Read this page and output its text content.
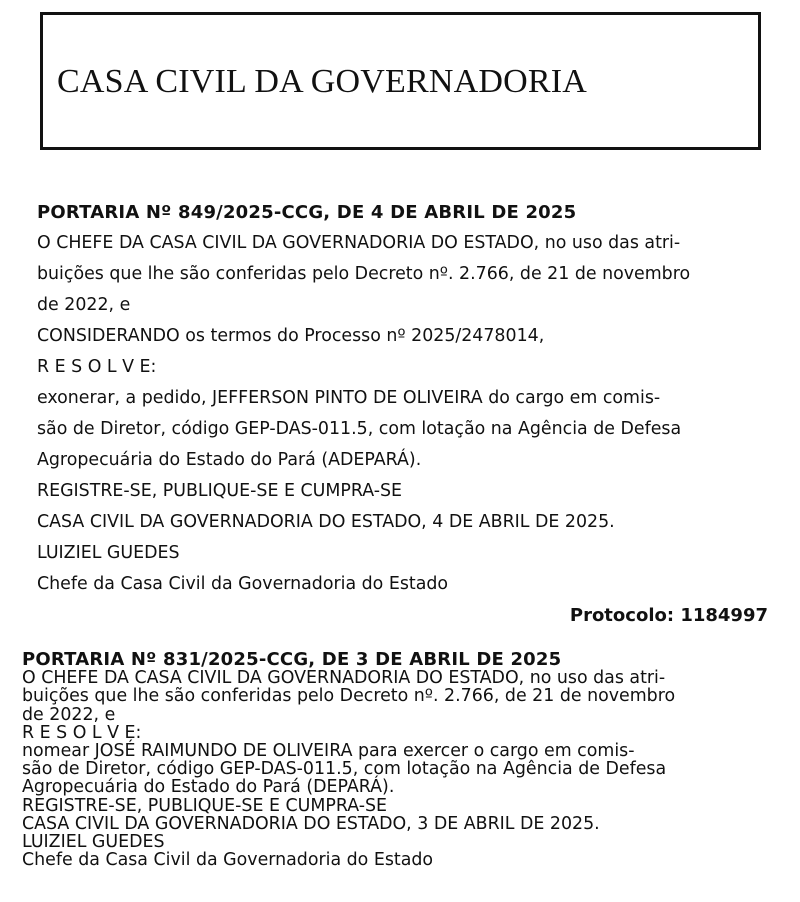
CASA CIVIL DA GOVERNADORIA
PORTARIA Nº 849/2025-CCG, DE 4 DE ABRIL DE 2025
O CHEFE DA CASA CIVIL DA GOVERNADORIA DO ESTADO, no uso das atri-
buições que lhe são conferidas pelo Decreto nº. 2.766, de 21 de novembro
de 2022, e
CONSIDERANDO os termos do Processo nº 2025/2478014,
R E S O L V E:
exonerar, a pedido, JEFFERSON PINTO DE OLIVEIRA do cargo em comis-
são de Diretor, código GEP-DAS-011.5, com lotação na Agência de Defesa
Agropecuária do Estado do Pará (ADEPARÁ).
REGISTRE-SE, PUBLIQUE-SE E CUMPRA-SE
CASA CIVIL DA GOVERNADORIA DO ESTADO, 4 DE ABRIL DE 2025.
LUIZIEL GUEDES
Chefe da Casa Civil da Governadoria do Estado
Protocolo: 1184997
PORTARIA Nº 831/2025-CCG, DE 3 DE ABRIL DE 2025
O CHEFE DA CASA CIVIL DA GOVERNADORIA DO ESTADO, no uso das atri-
buições que lhe são conferidas pelo Decreto nº. 2.766, de 21 de novembro
de 2022, e
R E S O L V E:
nomear JOSÉ RAIMUNDO DE OLIVEIRA para exercer o cargo em comis-
são de Diretor, código GEP-DAS-011.5, com lotação na Agência de Defesa
Agropecuária do Estado do Pará (DEPARÁ).
REGISTRE-SE, PUBLIQUE-SE E CUMPRA-SE
CASA CIVIL DA GOVERNADORIA DO ESTADO, 3 DE ABRIL DE 2025.
LUIZIEL GUEDES
Chefe da Casa Civil da Governadoria do Estado
